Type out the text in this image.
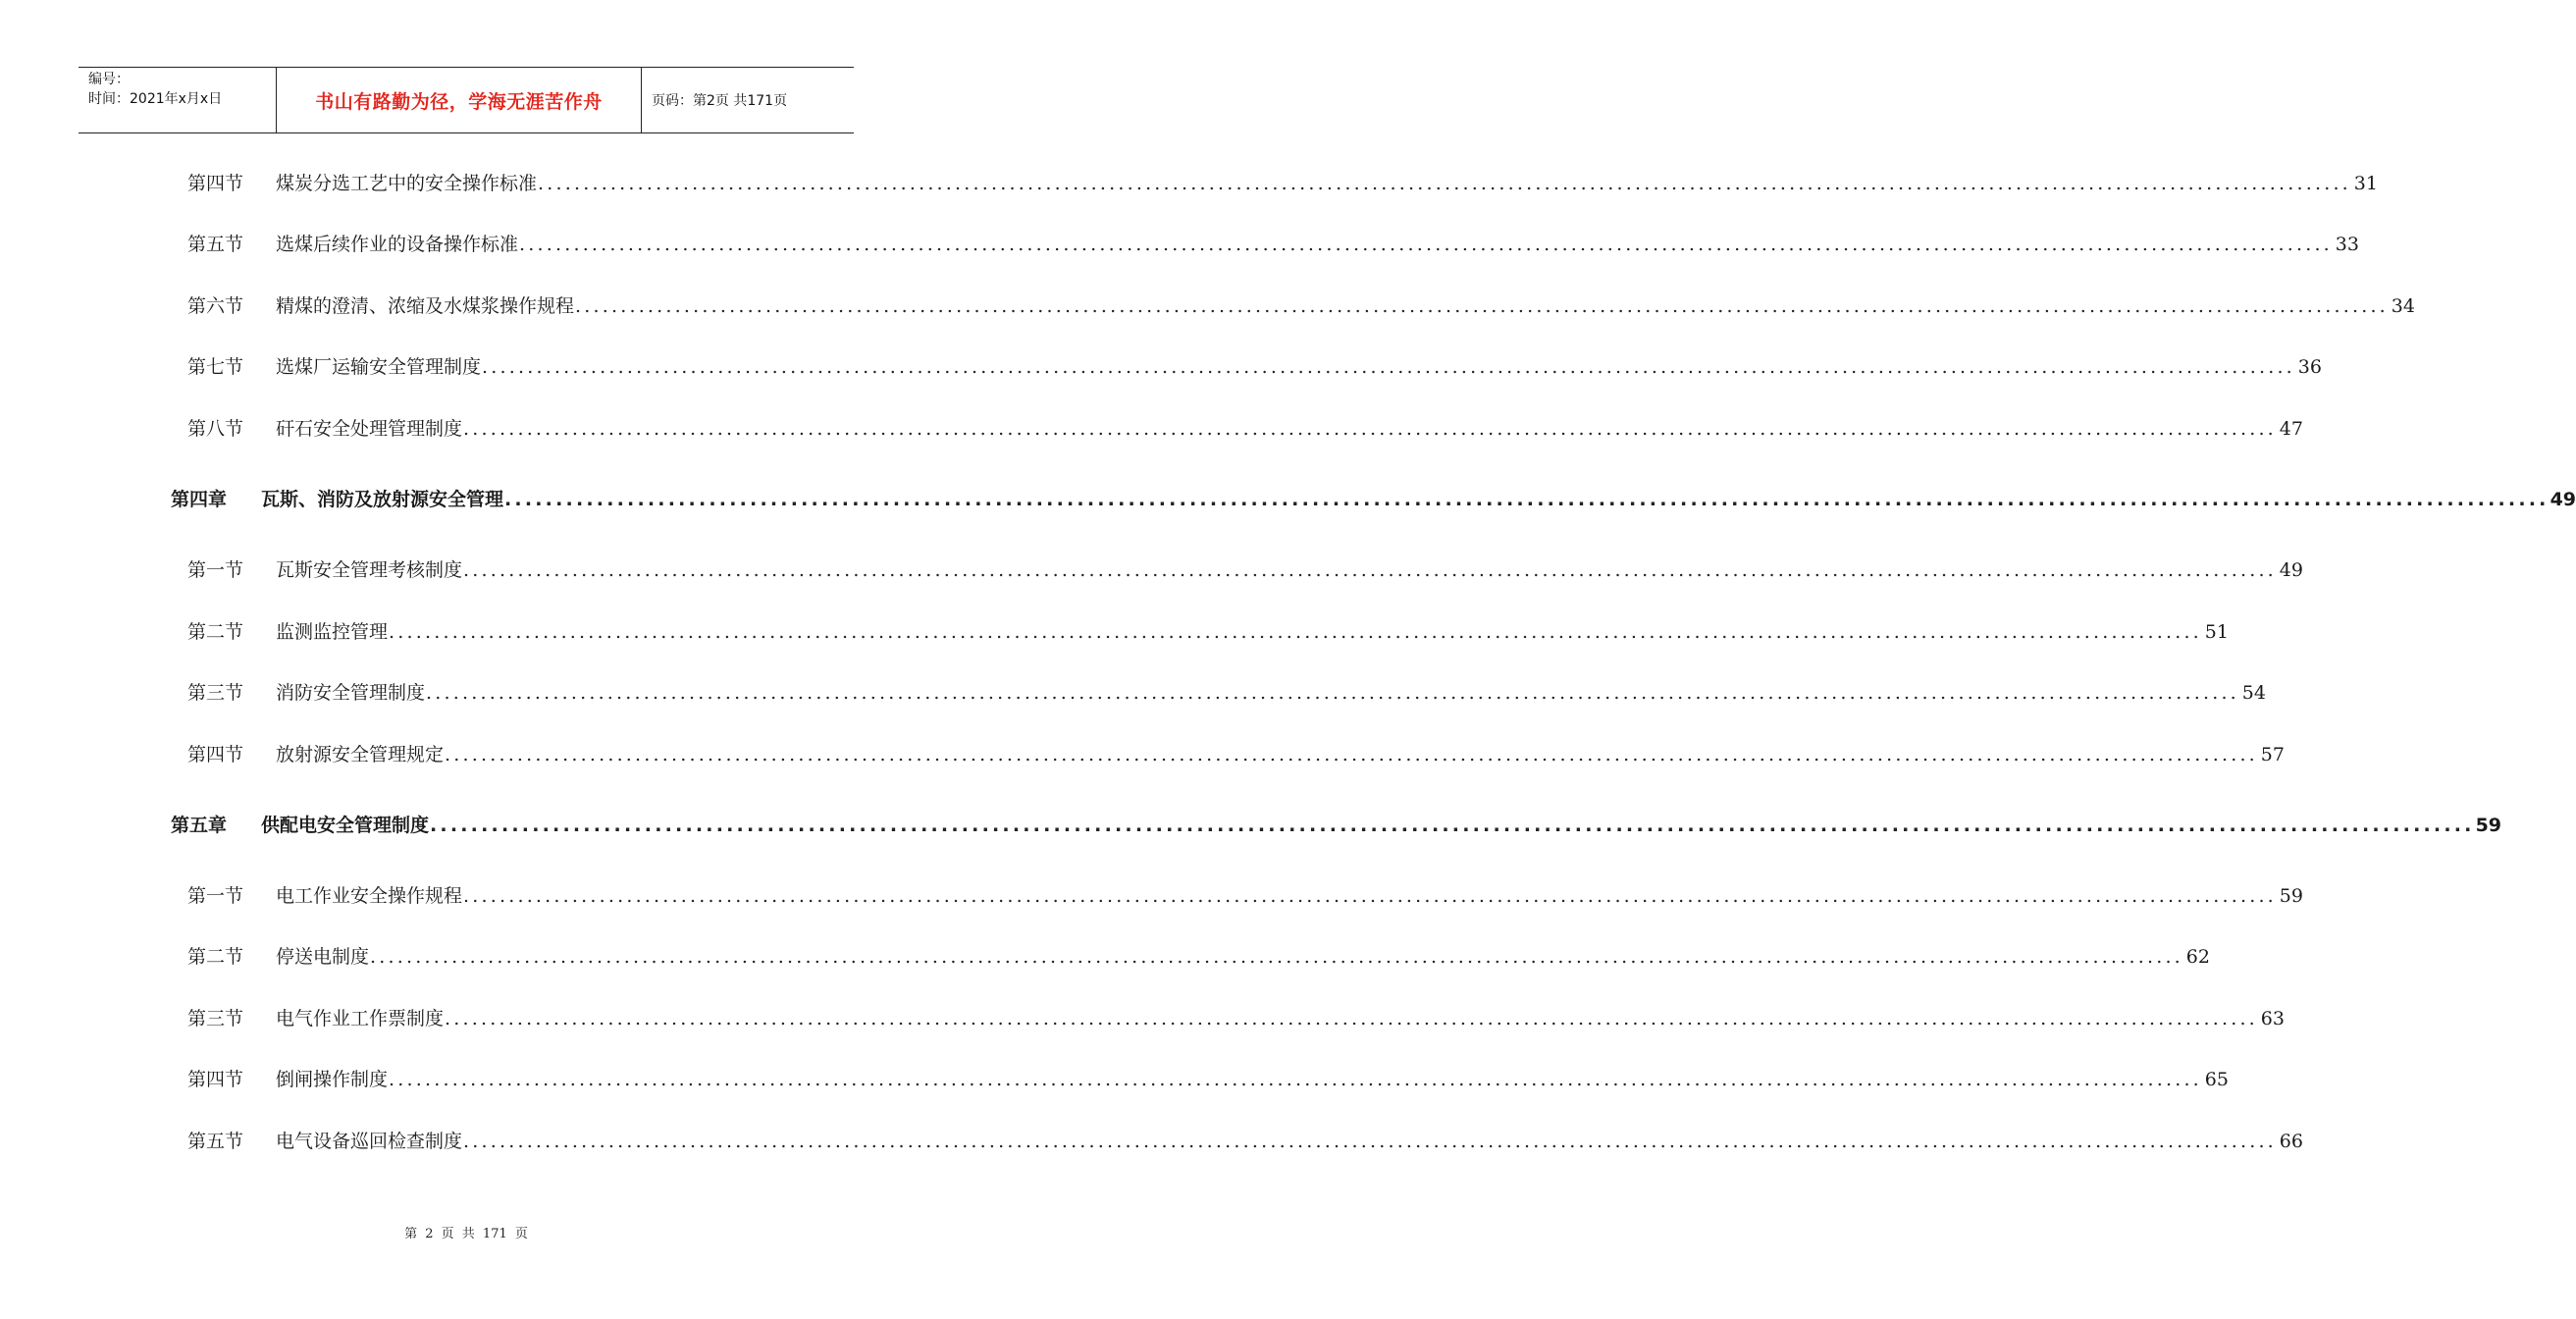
编号：
时间：2021年x月x日	书山有路勤为径，学海无涯苦作舟	页码：第2页 共171页
第四节	煤炭分选工艺中的安全操作标准 ........................................................................................................................................................................................................ 31
第五节	选煤后续作业的设备操作标准 ........................................................................................................................................................................................................ 33
第六节	精煤的澄清、浓缩及水煤浆操作规程 ........................................................................................................................................................................................................ 34
第七节	选煤厂运输安全管理制度 ........................................................................................................................................................................................................ 36
第八节	矸石安全处理管理制度 ........................................................................................................................................................................................................ 47
第四章	瓦斯、消防及放射源安全管理 ........................................................................................................................................................................................................ 49
第一节	瓦斯安全管理考核制度 ........................................................................................................................................................................................................ 49
第二节	监测监控管理 ........................................................................................................................................................................................................ 51
第三节	消防安全管理制度 ........................................................................................................................................................................................................ 54
第四节	放射源安全管理规定 ........................................................................................................................................................................................................ 57
第五章	供配电安全管理制度 ........................................................................................................................................................................................................ 59
第一节	电工作业安全操作规程 ........................................................................................................................................................................................................ 59
第二节	停送电制度 ........................................................................................................................................................................................................ 62
第三节	电气作业工作票制度 ........................................................................................................................................................................................................ 63
第四节	倒闸操作制度 ........................................................................................................................................................................................................ 65
第五节	电气设备巡回检查制度 ........................................................................................................................................................................................................ 66
第 2 页 共 171 页
